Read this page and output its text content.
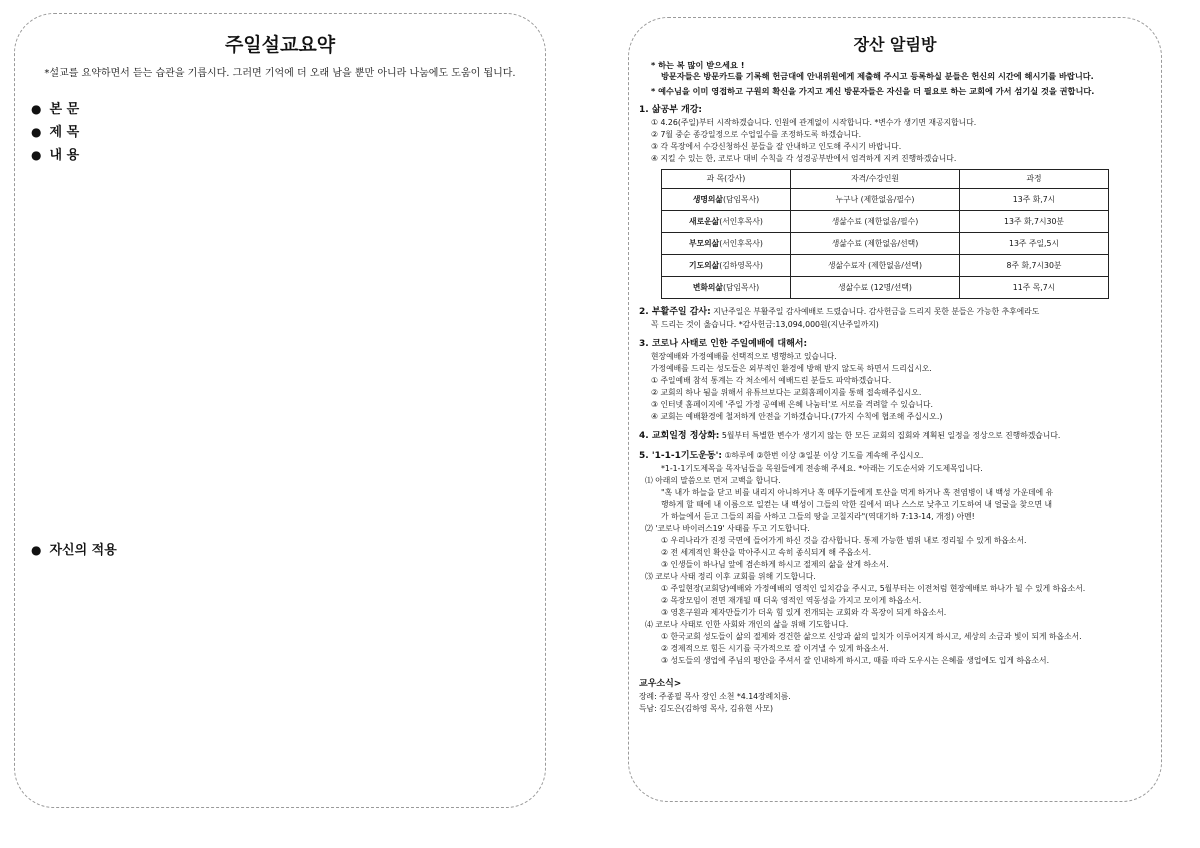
주일설교요약
*설교를 요약하면서 듣는 습관을 기릅시다. 그러면 기억에 더 오래 남을 뿐만 아니라 나눔에도 도움이 됩니다.
● 본 문
● 제 목
● 내 용
● 자신의 적용
장산 알림방

* 하는 복 많이 받으세요 !

방문자들은 방문카드를 기록해 헌금대에 안내위원에게 제출해 주시고 등록하실 분들은 헌신의 시간에 해시기를 바랍니다.

* 예수님을 이미 영접하고 구원의 확신을 가지고 계신 방문자들은 자신을 더 필요로 하는 교회에 가서 섬기실 것을 권합니다.

1. 삶공부 개강:

① 4.26(주일)부터 시작하겠습니다. 인원에 관계없이 시작합니다. *변수가 생기면 재공지합니다.

② 7월 중순 종강일정으로 수업일수를 조정하도록 하겠습니다.

③ 각 목장에서 수강신청하신 분들을 잘 안내하고 인도해 주시기 바랍니다.

④ 지킬 수 있는 한, 코로나 대비 수칙을 각 성경공부반에서 엄격하게 지켜 진행하겠습니다.

과 목(강사)	자격/수강인원	과정
생명의삶(담임목사)	누구나 (제한없음/필수)	13주 화,7시
새로운삶(서인후목사)	생삶수료 (제한없음/필수)	13주 화,7시30분
부모의삶(서인후목사)	생삶수료 (제한없음/선택)	13주 주일,5시
기도의삶(김하영목사)	생삶수료자 (제한없음/선택)	8주 화,7시30분
변화의삶(담임목사)	생삶수료 (12명/선택)	11주 목,7시

2. 부활주일 감사: 지난주일은 부활주일 감사예배로 드렸습니다. 감사헌금을 드리지 못한 분들은 가능한 추후에라도

꼭 드리는 것이 옳습니다. *감사헌금:13,094,000원(지난주일까지)

3. 코로나 사태로 인한 주일예배에 대해서:

현장예배와 가정예배를 선택적으로 병행하고 있습니다.

가정예배를 드리는 성도들은 외부적인 환경에 방해 받지 않도록 하면서 드리십시오.

① 주일예배 참석 통계는 각 처소에서 예배드린 분들도 파악하겠습니다.

② 교회의 하나 됨을 위해서 유튜브보다는 교회홈페이지를 통해 접속해주십시오.

③ 인터넷 홈페이지에 '주일 가정 공예배 은혜 나눔터'로 서로를 격려할 수 있습니다.

④ 교회는 예배환경에 철저하게 안전을 기하겠습니다.(7가지 수칙에 협조해 주십시오.)

4. 교회일정 정상화: 5월부터 특별한 변수가 생기지 않는 한 모든 교회의 집회와 계획된 일정을 정상으로 진행하겠습니다.

5. '1-1-1기도운동': ①하루에 ②한번 이상 ③일분 이상 기도를 계속해 주십시오.

*1-1-1기도제목을 목자님들을 목원들에게 전송해 주세요. *아래는 기도순서와 기도제목입니다.

⑴ 아래의 말씀으로 먼저 고백을 합니다.

"혹 내가 하늘을 닫고 비를 내리지 아니하거나 혹 메뚜기들에게 토산을 먹게 하거나 혹 전염병이 내 백성 가운데에 유

행하게 할 때에 내 이름으로 일컫는 내 백성이 그들의 악한 길에서 떠나 스스로 낮추고 기도하여 내 얼굴을 찾으면 내

가 하늘에서 듣고 그들의 죄를 사하고 그들의 땅을 고칠지라"(역대기하 7:13-14, 개정) 아멘!

⑵ '코로나 바이러스19' 사태를 두고 기도합니다.

① 우리나라가 진정 국면에 들어가게 하신 것을 감사합니다. 통제 가능한 범위 내로 정리될 수 있게 하옵소서.

② 전 세계적인 확산을 막아주시고 속히 종식되게 해 주옵소서.

③ 인생들이 하나님 앞에 겸손하게 하시고 절제의 삶을 살게 하소서.

⑶ 코로나 사태 정리 이후 교회를 위해 기도합니다.

① 주일현장(교회당)예배와 가정예배의 영적인 일치감을 주시고, 5월부터는 이전처럼 현장예배로 하나가 될 수 있게 하옵소서.

② 목장모임이 전면 재개될 때 더욱 영적인 역동성을 가지고 모이게 하옵소서.

③ 영혼구원과 제자만들기가 더욱 힘 있게 전개되는 교회와 각 목장이 되게 하옵소서.

⑷ 코로나 사태로 인한 사회와 개인의 삶을 위해 기도합니다.

① 한국교회 성도들이 삶의 절제와 경건한 삶으로 신앙과 삶의 일치가 이루어지게 하시고, 세상의 소금과 빛이 되게 하옵소서.

② 경제적으로 힘든 시기를 국가적으로 잘 이겨낼 수 있게 하옵소서.

③ 성도들의 생업에 주님의 평안을 주셔서 잘 인내하게 하시고, 때를 따라 도우시는 은혜를 생업에도 입게 하옵소서.

교우소식>

장례: 주종필 목사 장인 소천 *4.14장례치름.

득남: 김도은(김하영 목사, 김유현 사모)
